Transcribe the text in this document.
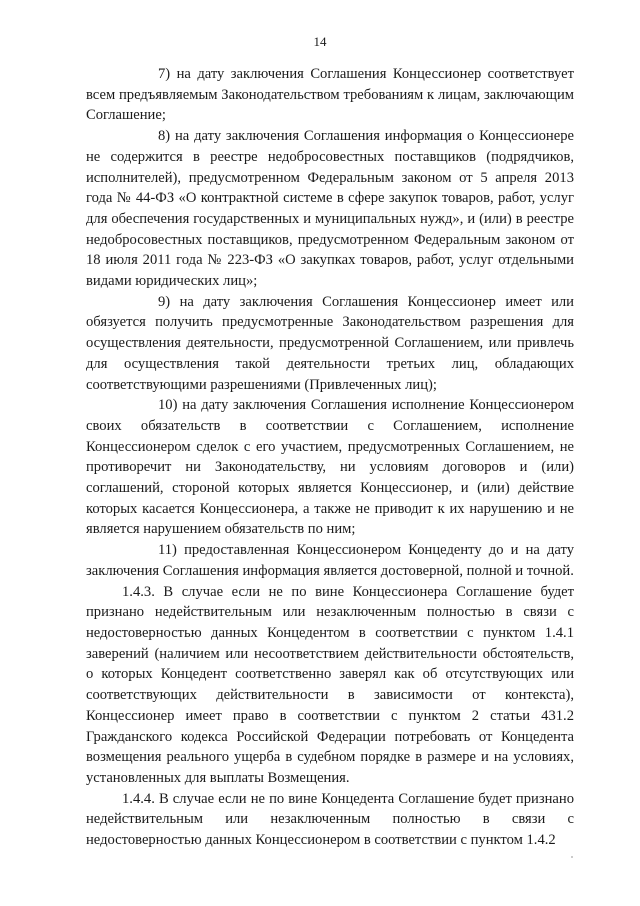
14

7) на дату заключения Соглашения Концессионер соответствует всем предъявляемым Законодательством требованиям к лицам, заключающим Соглашение;

8) на дату заключения Соглашения информация о Концессионере не содержится в реестре недобросовестных поставщиков (подрядчиков, исполнителей), предусмотренном Федеральным законом от 5 апреля 2013 года № 44-ФЗ «О контрактной системе в сфере закупок товаров, работ, услуг для обеспечения государственных и муниципальных нужд», и (или) в реестре недобросовестных поставщиков, предусмотренном Федеральным законом от 18 июля 2011 года № 223-ФЗ «О закупках товаров, работ, услуг отдельными видами юридических лиц»;

9) на дату заключения Соглашения Концессионер имеет или обязуется получить предусмотренные Законодательством разрешения для осуществления деятельности, предусмотренной Соглашением, или привлечь для осуществления такой деятельности третьих лиц, обладающих соответствующими разрешениями (Привлеченных лиц);

10) на дату заключения Соглашения исполнение Концессионером своих обязательств в соответствии с Соглашением, исполнение Концессионером сделок с его участием, предусмотренных Соглашением, не противоречит ни Законодательству, ни условиям договоров и (или) соглашений, стороной которых является Концессионер, и (или) действие которых касается Концессионера, а также не приводит к их нарушению и не является нарушением обязательств по ним;

11) предоставленная Концессионером Концеденту до и на дату заключения Соглашения информация является достоверной, полной и точной.

1.4.3. В случае если не по вине Концессионера Соглашение будет признано недействительным или незаключенным полностью в связи с недостоверностью данных Концедентом в соответствии с пунктом 1.4.1 заверений (наличием или несоответствием действительности обстоятельств, о которых Концедент соответственно заверял как об отсутствующих или соответствующих действительности в зависимости от контекста), Концессионер имеет право в соответствии с пунктом 2 статьи 431.2 Гражданского кодекса Российской Федерации потребовать от Концедента возмещения реального ущерба в судебном порядке в размере и на условиях, установленных для выплаты Возмещения.

1.4.4. В случае если не по вине Концедента Соглашение будет признано недействительным или незаключенным полностью в связи с недостоверностью данных Концессионером в соответствии с пунктом 1.4.2
